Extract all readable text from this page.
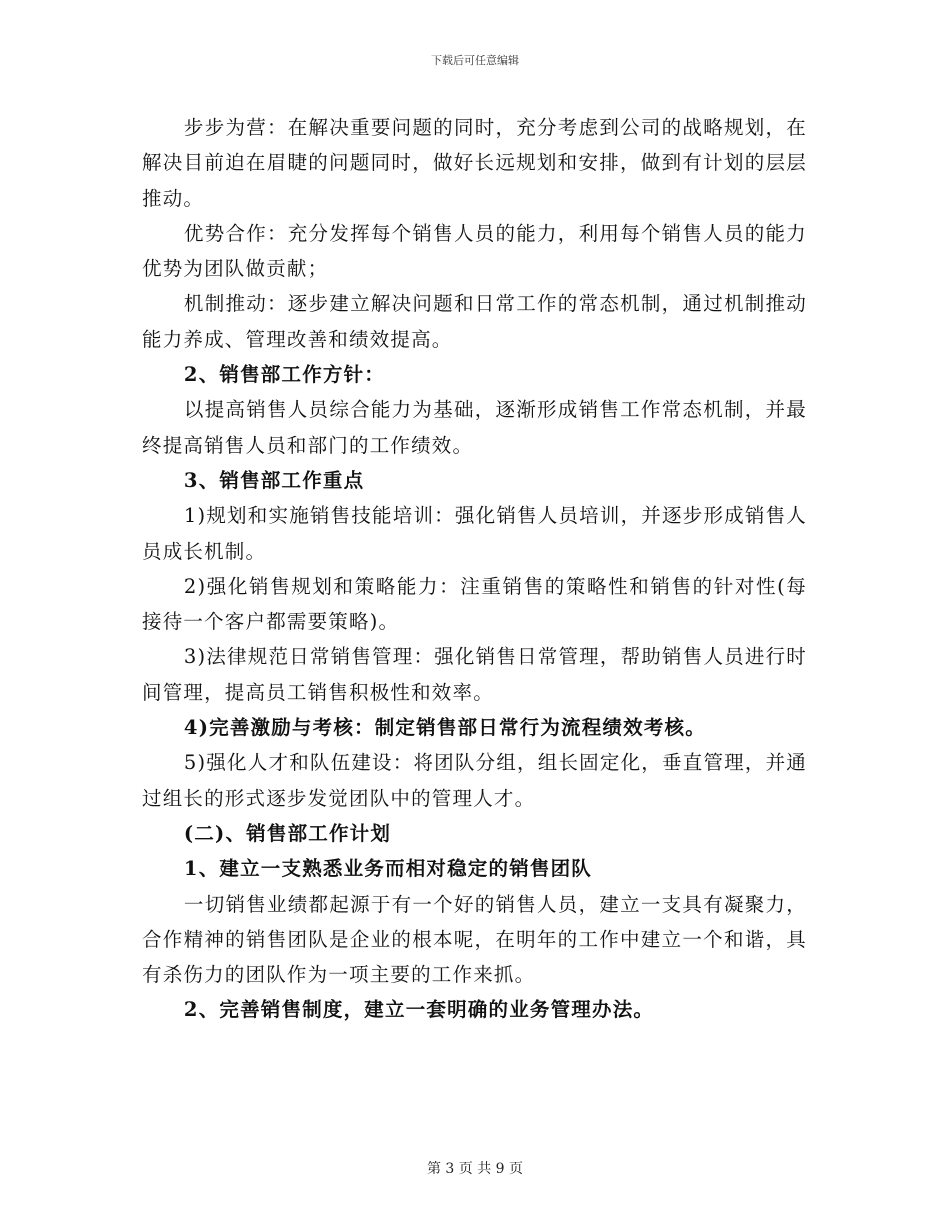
下载后可任意编辑

步步为营：在解决重要问题的同时，充分考虑到公司的战略规划，在解决目前迫在眉睫的问题同时，做好长远规划和安排，做到有计划的层层推动。

优势合作：充分发挥每个销售人员的能力，利用每个销售人员的能力优势为团队做贡献；

机制推动：逐步建立解决问题和日常工作的常态机制，通过机制推动能力养成、管理改善和绩效提高。

2、销售部工作方针：

以提高销售人员综合能力为基础，逐渐形成销售工作常态机制，并最终提高销售人员和部门的工作绩效。

3、销售部工作重点

1)规划和实施销售技能培训：强化销售人员培训，并逐步形成销售人员成长机制。

2)强化销售规划和策略能力：注重销售的策略性和销售的针对性(每接待一个客户都需要策略)。

3)法律规范日常销售管理：强化销售日常管理，帮助销售人员进行时间管理，提高员工销售积极性和效率。

4)完善激励与考核：制定销售部日常行为流程绩效考核。

5)强化人才和队伍建设：将团队分组，组长固定化，垂直管理，并通过组长的形式逐步发觉团队中的管理人才。

(二)、销售部工作计划

1、建立一支熟悉业务而相对稳定的销售团队

一切销售业绩都起源于有一个好的销售人员，建立一支具有凝聚力，合作精神的销售团队是企业的根本呢，在明年的工作中建立一个和谐，具有杀伤力的团队作为一项主要的工作来抓。

2、完善销售制度，建立一套明确的业务管理办法。

第 3 页 共 9 页
